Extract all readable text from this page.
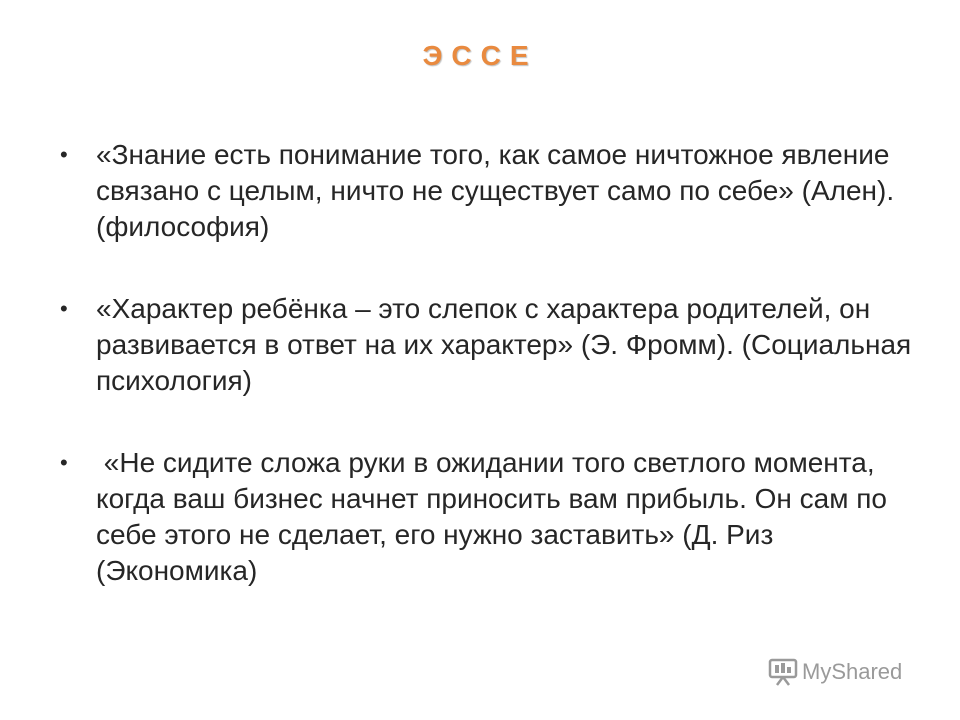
ЭССЕ
• «Знание есть понимание того, как самое ничтожное явление связано с целым, ничто не существует само по себе» (Ален). (философия)
• «Характер ребёнка – это слепок с характера родителей, он развивается в ответ на их характер» (Э. Фромм). (Социальная психология)
• «Не сидите сложа руки в ожидании того светлого момента, когда ваш бизнес начнет приносить вам прибыль. Он сам по себе этого не сделает, его нужно заставить» (Д. Риз (Экономика)
MyShared
